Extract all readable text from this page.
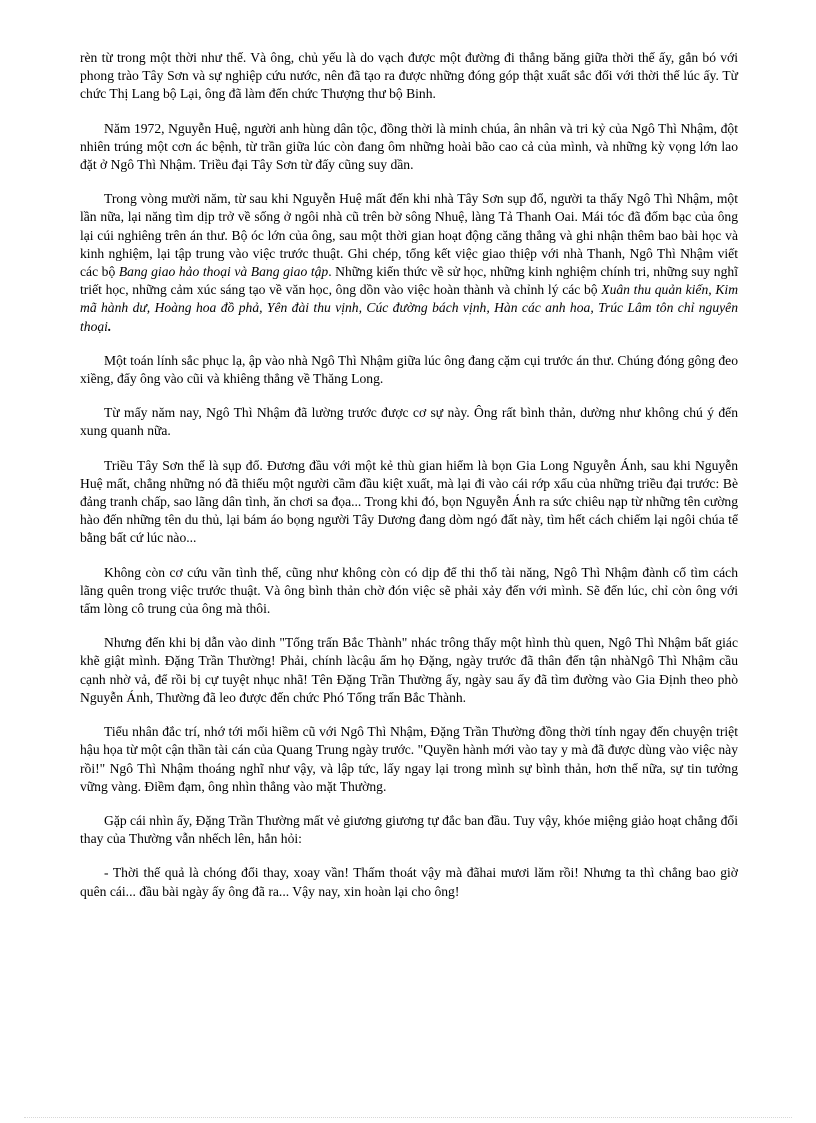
rèn từ trong một thời như thế. Và ông, chủ yếu là do vạch được một đường đi thẳng băng giữa thời thế ấy, gắn bó với phong trào Tây Sơn và sự nghiệp cứu nước, nên đã tạo ra được những đóng góp thật xuất sắc đối với thời thế lúc ấy. Từ chức Thị Lang bộ Lại, ông đã làm đến chức Thượng thư bộ Binh.

Năm 1972, Nguyễn Huệ, người anh hùng dân tộc, đồng thời là minh chúa, ân nhân và tri kỷ của Ngô Thì Nhậm, đột nhiên trúng một cơn ác bệnh, từ trần giữa lúc còn đang ôm những hoài bão cao cả của mình, và những kỳ vọng lớn lao đặt ở Ngô Thì Nhậm. Triều đại Tây Sơn từ đấy cũng suy dần.

Trong vòng mười năm, từ sau khi Nguyễn Huệ mất đến khi nhà Tây Sơn sụp đổ, người ta thấy Ngô Thì Nhậm, một lần nữa, lại năng tìm dịp trở về sống ở ngôi nhà cũ trên bờ sông Nhuệ, làng Tả Thanh Oai. Mái tóc đã đốm bạc của ông lại cúi nghiêng trên án thư. Bộ óc lớn của ông, sau một thời gian hoạt động căng thẳng và ghi nhận thêm bao bài học và kinh nghiệm, lại tập trung vào việc trước thuật. Ghi chép, tổng kết việc giao thiệp với nhà Thanh, Ngô Thì Nhậm viết các bộ Bang giao hảo thoại và Bang giao tập. Những kiến thức về sử học, những kinh nghiệm chính tri, những suy nghĩ triết học, những cảm xúc sáng tạo về văn học, ông dồn vào việc hoàn thành và chỉnh lý các bộ Xuân thu quản kiến, Kim mã hành dư, Hoàng hoa đồ phả, Yên đài thu vịnh, Cúc đường bách vịnh, Hàn các anh hoa, Trúc Lâm tôn chỉ nguyên thoại.

Một toán lính sắc phục lạ, ập vào nhà Ngô Thì Nhậm giữa lúc ông đang cặm cụi trước án thư. Chúng đóng gông đeo xiềng, đẩy ông vào cũi và khiêng thẳng về Thăng Long.

Từ mấy năm nay, Ngô Thì Nhậm đã lường trước được cơ sự này. Ông rất bình thản, dường như không chú ý đến xung quanh nữa.

Triều Tây Sơn thế là sụp đổ. Đương đầu với một kẻ thù gian hiểm là bọn Gia Long Nguyễn Ánh, sau khi Nguyễn Huệ mất, chẳng những nó đã thiếu một người cầm đầu kiệt xuất, mà lại đi vào cái rớp xấu của những triều đại trước: Bè đảng tranh chấp, sao lãng dân tình, ăn chơi sa đọa... Trong khi đó, bọn Nguyễn Ánh ra sức chiêu nạp từ những tên cường hào đến những tên du thủ, lại bám áo bọng người Tây Dương đang dòm ngó đất này, tìm hết cách chiếm lại ngôi chúa tể bằng bất cứ lúc nào...

Không còn cơ cứu vãn tình thế, cũng như không còn có dịp để thi thố tài năng, Ngô Thì Nhậm đành cố tìm cách lãng quên trong việc trước thuật. Và ông bình thản chờ đón việc sẽ phải xảy đến với mình. Sẽ đến lúc, chỉ còn ông với tấm lòng cô trung của ông mà thôi.

Nhưng đến khi bị dẫn vào dinh "Tổng trấn Bắc Thành" nhác trông thấy một hình thù quen, Ngô Thì Nhậm bất giác khẽ giật mình. Đặng Trần Thường! Phải, chính làcậu ấm họ Đặng, ngày trước đã thân đến tận nhàNgô Thì Nhậm cầu cạnh nhờ vả, để rồi bị cự tuyệt nhục nhã! Tên Đặng Trần Thường ấy, ngày sau ấy đã tìm đường vào Gia Định theo phò Nguyễn Ánh, Thường đã leo được đến chức Phó Tổng trấn Bắc Thành.

Tiểu nhân đắc trí, nhớ tới mối hiềm cũ với Ngô Thì Nhậm, Đặng Trần Thường đồng thời tính ngay đến chuyện triệt hậu họa từ một cận thần tài cán của Quang Trung ngày trước. "Quyền hành mới vào tay y mà đã được dùng vào việc này rồi!" Ngô Thì Nhậm thoáng nghĩ như vậy, và lập tức, lấy ngay lại trong mình sự bình thản, hơn thế nữa, sự tin tưởng vững vàng. Điềm đạm, ông nhìn thẳng vào mặt Thường.

Gặp cái nhìn ấy, Đặng Trần Thường mất vẻ giương giương tự đắc ban đầu. Tuy vậy, khóe miệng giảo hoạt chẳng đổi thay của Thường vẫn nhếch lên, hắn hỏi:

- Thời thế quả là chóng đổi thay, xoay vần! Thấm thoát vậy mà đãhai mươi lăm rồi! Nhưng ta thì chẳng bao giờ quên cái... đầu bài ngày ấy ông đã ra... Vậy nay, xin hoàn lại cho ông!
